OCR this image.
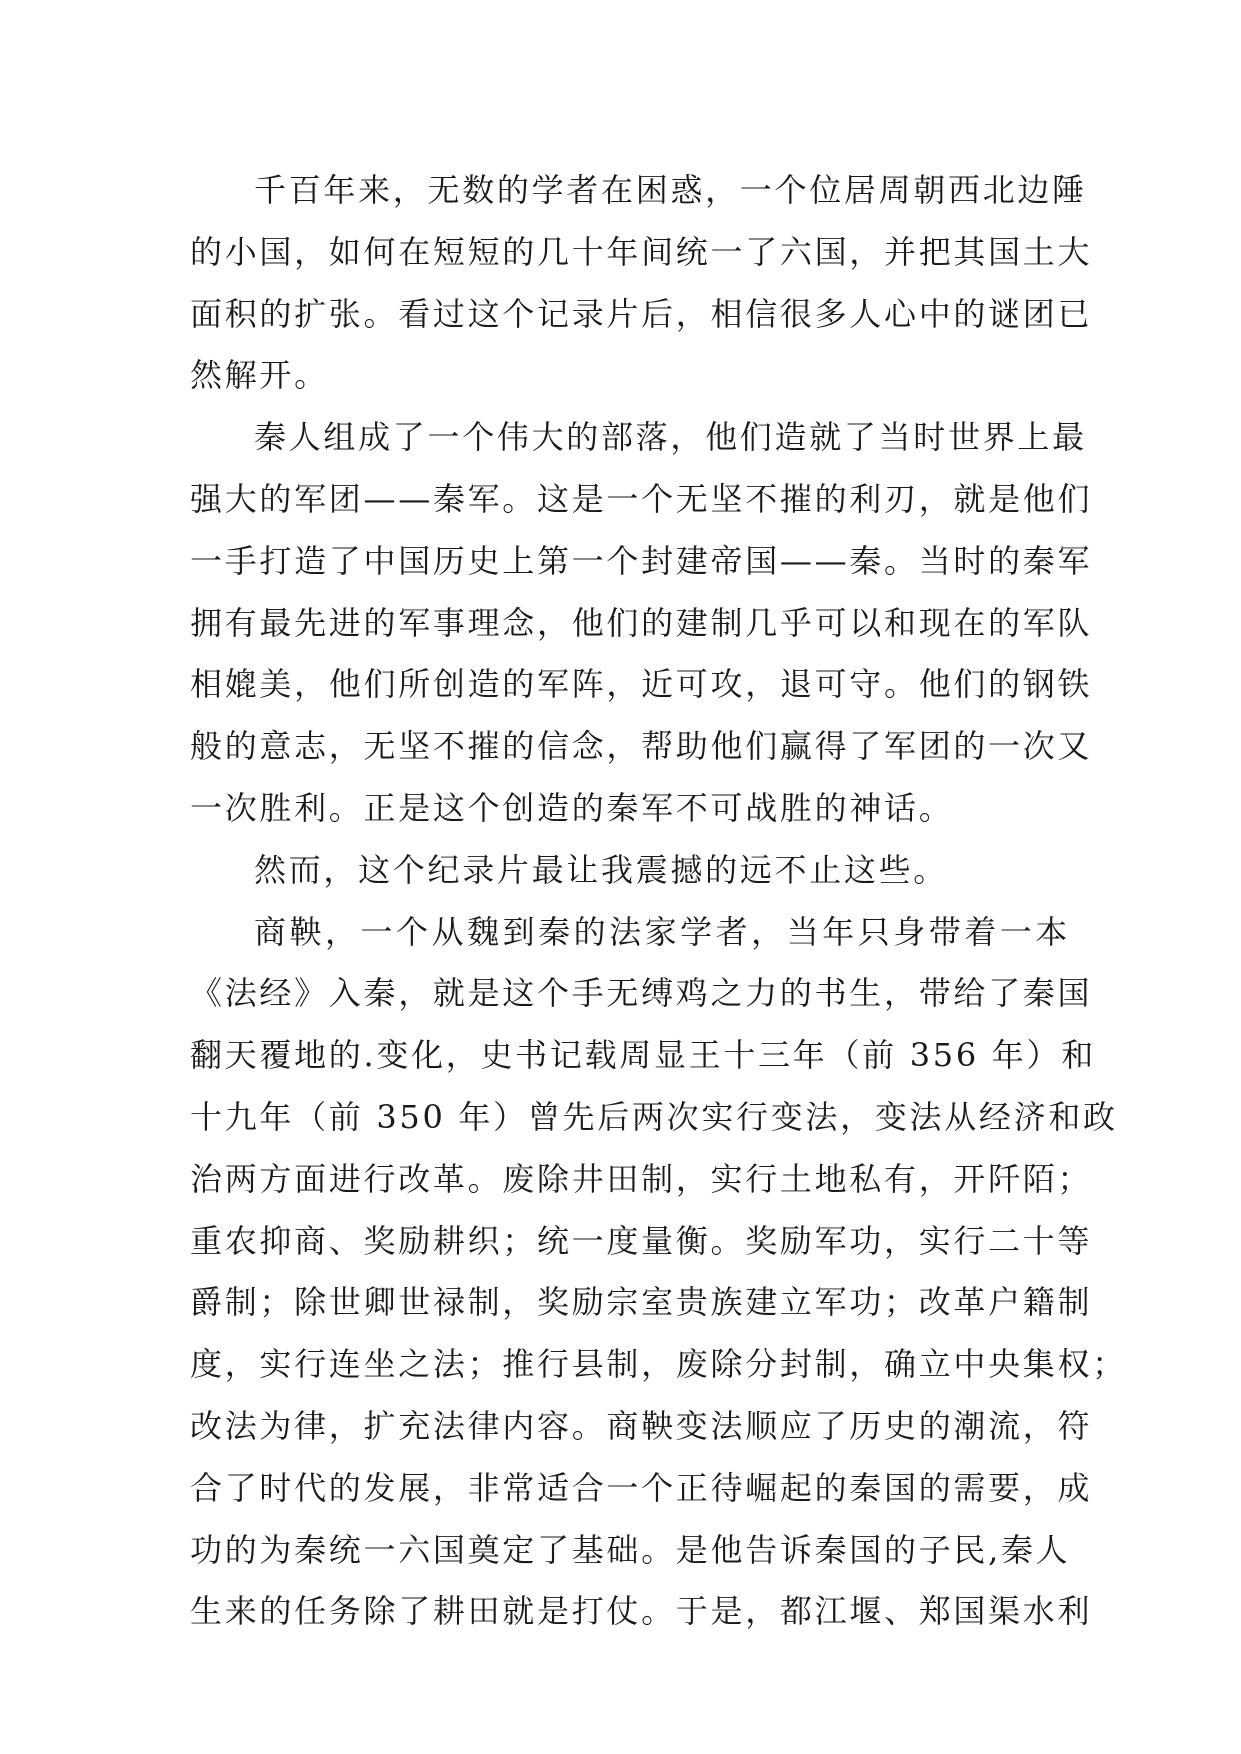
千百年来，无数的学者在困惑，一个位居周朝西北边陲
的小国，如何在短短的几十年间统一了六国，并把其国土大
面积的扩张。看过这个记录片后，相信很多人心中的谜团已
然解开。
秦人组成了一个伟大的部落，他们造就了当时世界上最
强大的军团——秦军。这是一个无坚不摧的利刃，就是他们
一手打造了中国历史上第一个封建帝国——秦。当时的秦军
拥有最先进的军事理念，他们的建制几乎可以和现在的军队
相媲美，他们所创造的军阵，近可攻，退可守。他们的钢铁
般的意志，无坚不摧的信念，帮助他们赢得了军团的一次又
一次胜利。正是这个创造的秦军不可战胜的神话。
然而，这个纪录片最让我震撼的远不止这些。
商鞅，一个从魏到秦的法家学者，当年只身带着一本
《法经》入秦，就是这个手无缚鸡之力的书生，带给了秦国
翻天覆地的.变化，史书记载周显王十三年（前 356 年）和
十九年（前 350 年）曾先后两次实行变法，变法从经济和政
治两方面进行改革。废除井田制，实行土地私有，开阡陌；
重农抑商、奖励耕织；统一度量衡。奖励军功，实行二十等
爵制；除世卿世禄制，奖励宗室贵族建立军功；改革户籍制
度，实行连坐之法；推行县制，废除分封制，确立中央集权；
改法为律，扩充法律内容。商鞅变法顺应了历史的潮流，符
合了时代的发展，非常适合一个正待崛起的秦国的需要，成
功的为秦统一六国奠定了基础。是他告诉秦国的子民,秦人
生来的任务除了耕田就是打仗。于是，都江堰、郑国渠水利
